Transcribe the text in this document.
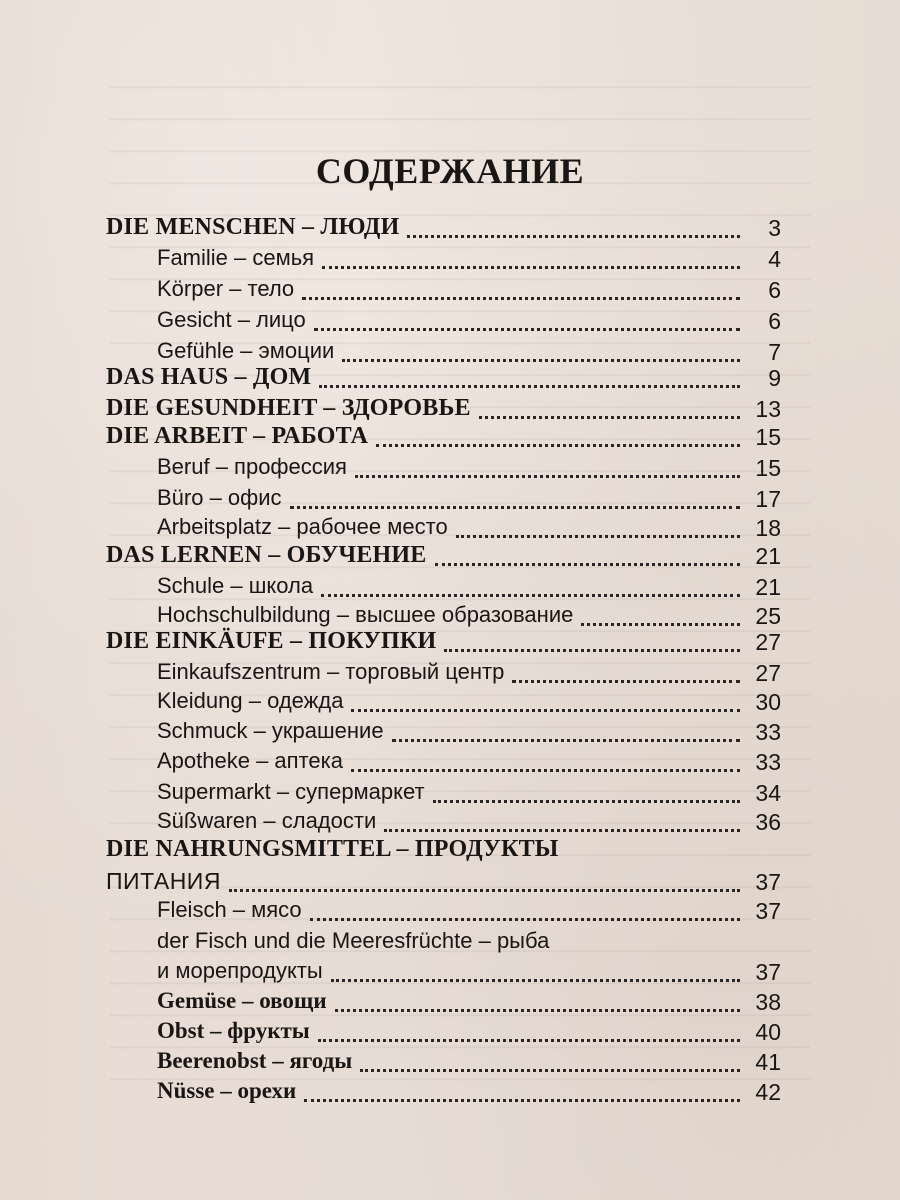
СОДЕРЖАНИЕ
DIE MENSCHEN – ЛЮДИ	3
Familie – семья	4
Körper – тело	6
Gesicht – лицо	6
Gefühle – эмоции	7
DAS HAUS – ДОМ	9
DIE GESUNDHEIT – ЗДОРОВЬЕ	13
DIE ARBEIT – РАБОТА	15
Beruf – профессия	15
Büro – офис	17
Arbeitsplatz – рабочее место	18
DAS LERNEN – ОБУЧЕНИЕ	21
Schule – школа	21
Hochschulbildung – высшее образование	25
DIE EINKÄUFE – ПОКУПКИ	27
Einkaufszentrum – торговый центр	27
Kleidung – одежда	30
Schmuck – украшение	33
Apotheke – аптека	33
Supermarkt – супермаркет	34
Süßwaren – сладости	36
DIE NAHRUNGSMITTEL – ПРОДУКТЫ
ПИТАНИЯ	37
Fleisch – мясо	37
der Fisch und die Meeresfrüchte – рыба
и морепродукты	37
Gemüse – овощи	38
Obst – фрукты	40
Beerenobst – ягоды	41
Nüsse – орехи	42
